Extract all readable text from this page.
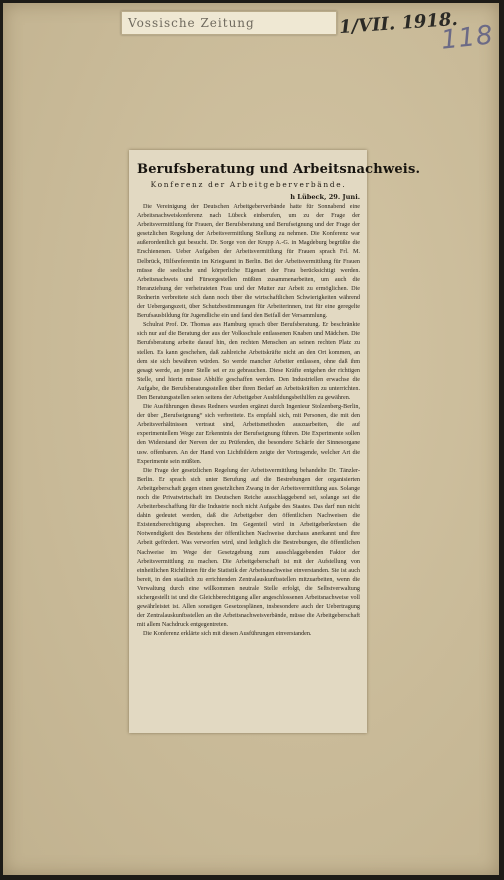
Vossische Zeitung	1/VII. 1918.
118
Berufsberatung und Arbeitsnachweis.
Konferenz der Arbeitgeberverbände.
h Lübeck, 29. Juni.

Die Vereinigung der Deutschen Arbeitgeberverbände hatte für Sonnabend eine Arbeitsnachweiskonferenz nach Lübeck einberufen, um zu der Frage der Arbeitsvermittlung für Frauen, der Berufsberatung und Berufseignung und der Frage der gesetzlichen Regelung der Arbeitsvermittlung Stellung zu nehmen. Die Konferenz war außerordentlich gut besucht. Dr. Sorge von der Krupp A.-G. in Magdeburg begrüßte die Erschienenen. Ueber Aufgaben der Arbeitsvermittlung für Frauen sprach Frl. M. Delbrück, Hilfsreferentin im Kriegsamt in Berlin. Bei der Arbeitsvermittlung für Frauen müsse die seelische und körperliche Eigenart der Frau berücksichtigt werden. Arbeitsnachweis und Fürsorgestellen müßten zusammenarbeiten, um auch die Heranziehung der verheirateten Frau und der Mutter zur Arbeit zu ermöglichen. Die Rednerin verbreitete sich dann noch über die wirtschaftlichen Schwierigkeiten während der Uebergangszeit, über Schutzbestimmungen für Arbeiterinnen, trat für eine geregelte Berufsausbildung für Jugendliche ein und fand den Beifall der Versammlung.

Schulrat Prof. Dr. Thomas aus Hamburg sprach über Berufsberatung. Er beschränkte sich nur auf die Beratung der aus der Volksschule entlassenen Knaben und Mädchen. Die Berufsberatung arbeite darauf hin, den rechten Menschen an seinen rechten Platz zu stellen. Es kann geschehen, daß zahlreiche Arbeitskräfte nicht an den Ort kommen, an dem sie sich bewähren würden. So werde mancher Arbeiter entlassen, ohne daß ihm gesagt werde, an jener Stelle sei er zu gebrauchen. Diese Kräfte entgehen der richtigen Stelle, und hierin müsse Abhilfe geschaffen werden. Den Industriellen erwachse die Aufgabe, die Berufsberatungsstellen über ihren Bedarf an Arbeitskräften zu unterrichten. Den Beratungsstellen seien seitens der Arbeitgeber Ausbildungsbeihilfen zu gewähren.

Die Ausführungen dieses Redners wurden ergänzt durch Ingenieur Stolzenberg-Berlin, der über „Berufseignung“ sich verbreitete. Es empfahl sich, mit Personen, die mit den Arbeitsverhältnissen vertraut sind, Arbeitsmethoden auszuarbeiten, die auf experimentellem Wege zur Erkenntnis der Berufseignung führen. Die Experimente sollen den Widerstand der Nerven der zu Prüfenden, die besondere Schärfe der Sinnesorgane usw. offenbaren. An der Hand von Lichtbildern zeigte der Vortragende, welcher Art die Experimente sein müßten.

Die Frage der gesetzlichen Regelung der Arbeitsvermittlung behandelte Dr. Tänzler-Berlin. Er sprach sich unter Berufung auf die Bestrebungen der organisierten Arbeitgeberschaft gegen einen gesetzlichen Zwang in der Arbeitsvermittlung aus. Solange noch die Privatwirtschaft im Deutschen Reiche ausschlaggebend sei, solange sei die Arbeiterbeschaffung für die Industrie noch nicht Aufgabe des Staates. Das darf nun nicht dahin gedeutet werden, daß die Arbeitgeber den öffentlichen Nachweisen die Existenzberechtigung absprechen. Im Gegenteil wird in Arbeitgeberkreisen die Notwendigkeit des Bestehens der öffentlichen Nachweise durchaus anerkannt und ihre Arbeit gefördert. Was verworfen wird, sind lediglich die Bestrebungen, die öffentlichen Nachweise im Wege der Gesetzgebung zum ausschlaggebenden Faktor der Arbeitsvermittlung zu machen. Die Arbeitgeberschaft ist mit der Aufstellung von einheitlichen Richtlinien für die Statistik der Arbeitsnachweise einverstanden. Sie ist auch bereit, in den staatlich zu errichtenden Zentralauskunftsstellen mitzuarbeiten, wenn die Verwaltung durch eine willkommen neutrale Stelle erfolgt, die Selbstverwaltung sichergestellt ist und die Gleichberechtigung aller angeschlossenen Arbeitsnachweise voll gewährleistet ist. Allen sonstigen Gesetzesplänen, insbesondere auch der Uebertragung der Zentralauskunftsstellen an die Arbeitsnachweisverbände, müsse die Arbeitgeberschaft mit allem Nachdruck entgegentreten.

Die Konferenz erklärte sich mit diesen Ausführungen einverstanden.
